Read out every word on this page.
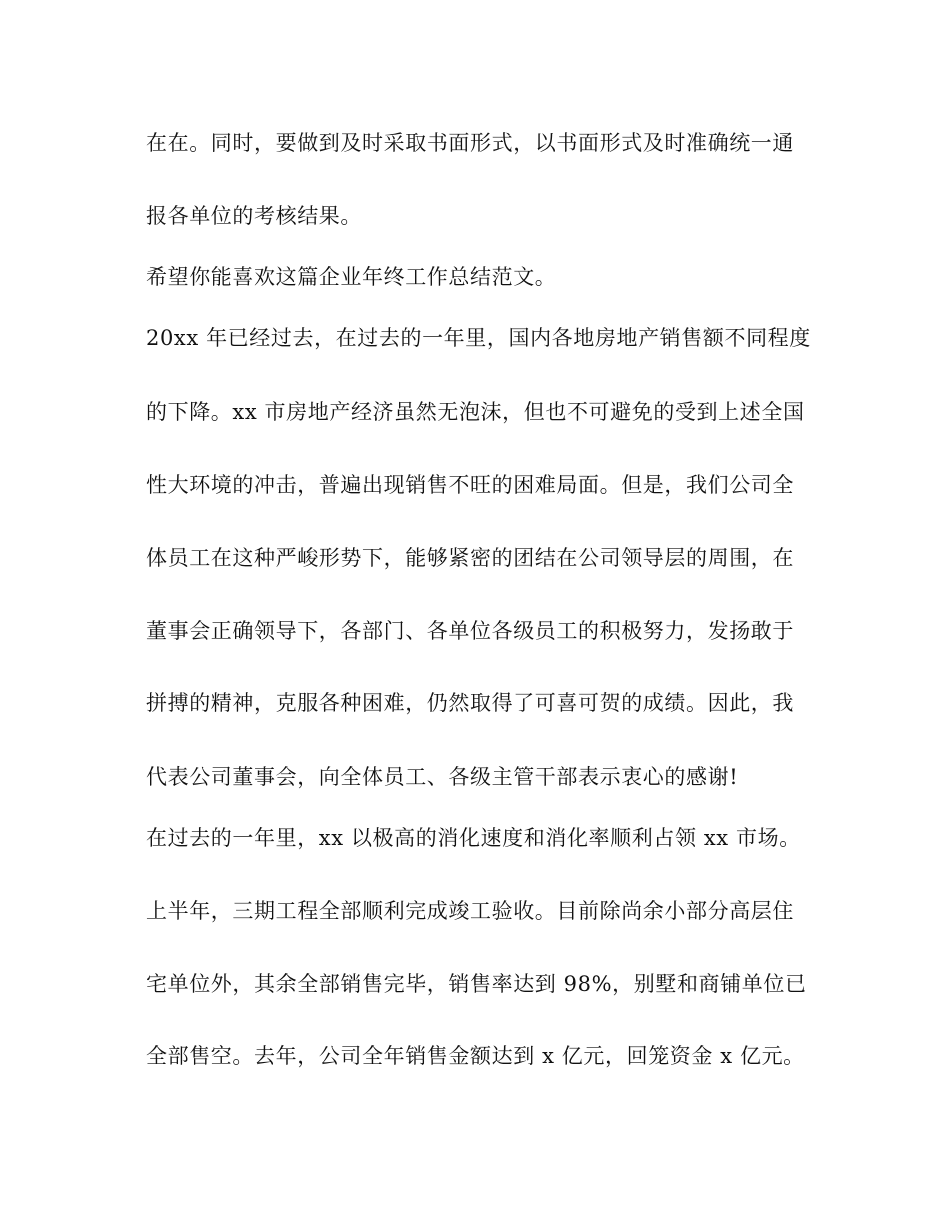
在在。同时，要做到及时采取书面形式，以书面形式及时准确统一通
报各单位的考核结果。
希望你能喜欢这篇企业年终工作总结范文。
20xx 年已经过去，在过去的一年里，国内各地房地产销售额不同程度
的下降。xx 市房地产经济虽然无泡沫，但也不可避免的受到上述全国
性大环境的冲击，普遍出现销售不旺的困难局面。但是，我们公司全
体员工在这种严峻形势下，能够紧密的团结在公司领导层的周围，在
董事会正确领导下，各部门、各单位各级员工的积极努力，发扬敢于
拼搏的精神，克服各种困难，仍然取得了可喜可贺的成绩。因此，我
代表公司董事会，向全体员工、各级主管干部表示衷心的感谢!
在过去的一年里，xx 以极高的消化速度和消化率顺利占领 xx 市场。
上半年，三期工程全部顺利完成竣工验收。目前除尚余小部分高层住
宅单位外，其余全部销售完毕，销售率达到 98%，别墅和商铺单位已
全部售空。去年，公司全年销售金额达到 x 亿元，回笼资金 x 亿元。
